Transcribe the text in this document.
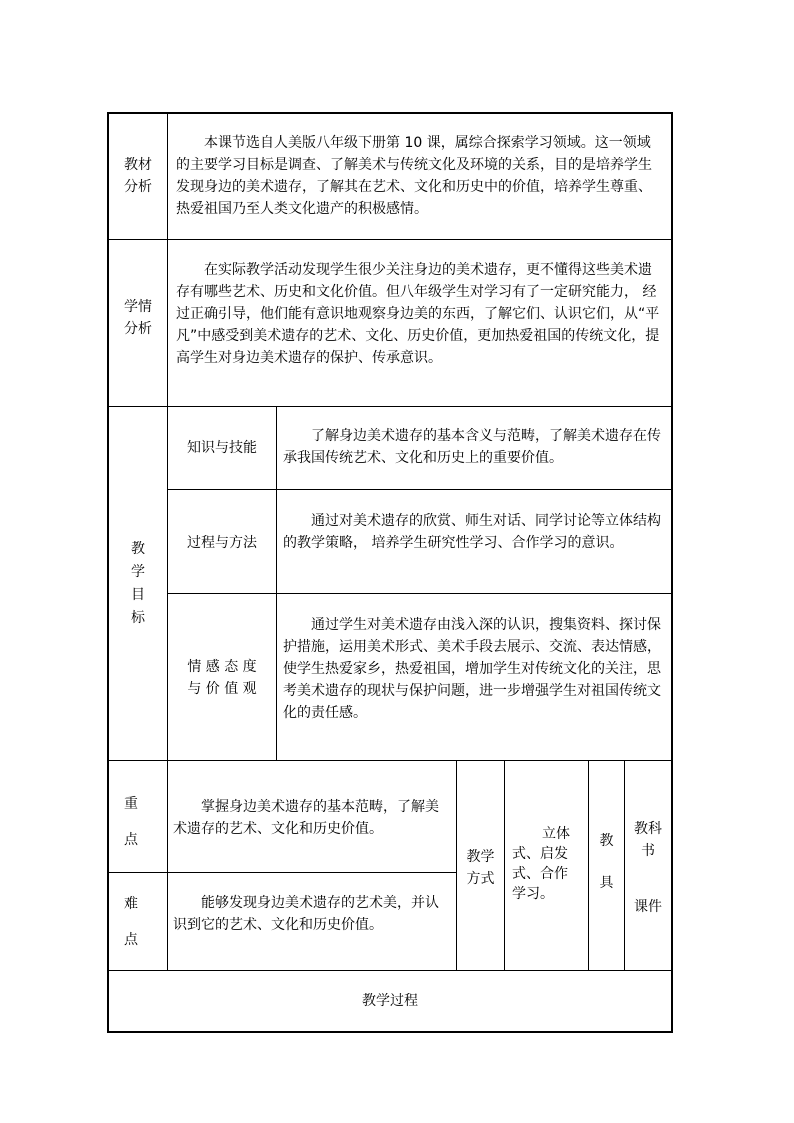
教材
分析
本课节选自人美版八年级下册第 10 课，属综合探索学习领域。这一领域的主要学习目标是调查、了解美术与传统文化及环境的关系，目的是培养学生发现身边的美术遗存，了解其在艺术、文化和历史中的价值，培养学生尊重、热爱祖国乃至人类文化遗产的积极感情。
学情
分析
在实际教学活动发现学生很少关注身边的美术遗存，更不懂得这些美术遗存有哪些艺术、历史和文化价值。但八年级学生对学习有了一定研究能力， 经过正确引导，他们能有意识地观察身边美的东西，了解它们、认识它们，从“平凡”中感受到美术遗存的艺术、文化、历史价值，更加热爱祖国的传统文化，提高学生对身边美术遗存的保护、传承意识。
教
学
目
标
知识与技能
了解身边美术遗存的基本含义与范畴，了解美术遗存在传承我国传统艺术、文化和历史上的重要价值。
过程与方法
通过对美术遗存的欣赏、师生对话、同学讨论等立体结构的教学策略， 培养学生研究性学习、合作学习的意识。
情 感 态 度
与 价 值 观
通过学生对美术遗存由浅入深的认识，搜集资料、探讨保护措施，运用美术形式、美术手段去展示、交流、表达情感，使学生热爱家乡，热爱祖国，增加学生对传统文化的关注，思考美术遗存的现状与保护问题，进一步增强学生对祖国传统文化的责任感。
重
点
掌握身边美术遗存的基本范畴，了解美术遗存的艺术、文化和历史价值。
难
点
能够发现身边美术遗存的艺术美，并认识到它的艺术、文化和历史价值。
教学
方式
立体
式、启发
式、合作
学习。
教
具
教科
书
课件
教学过程
